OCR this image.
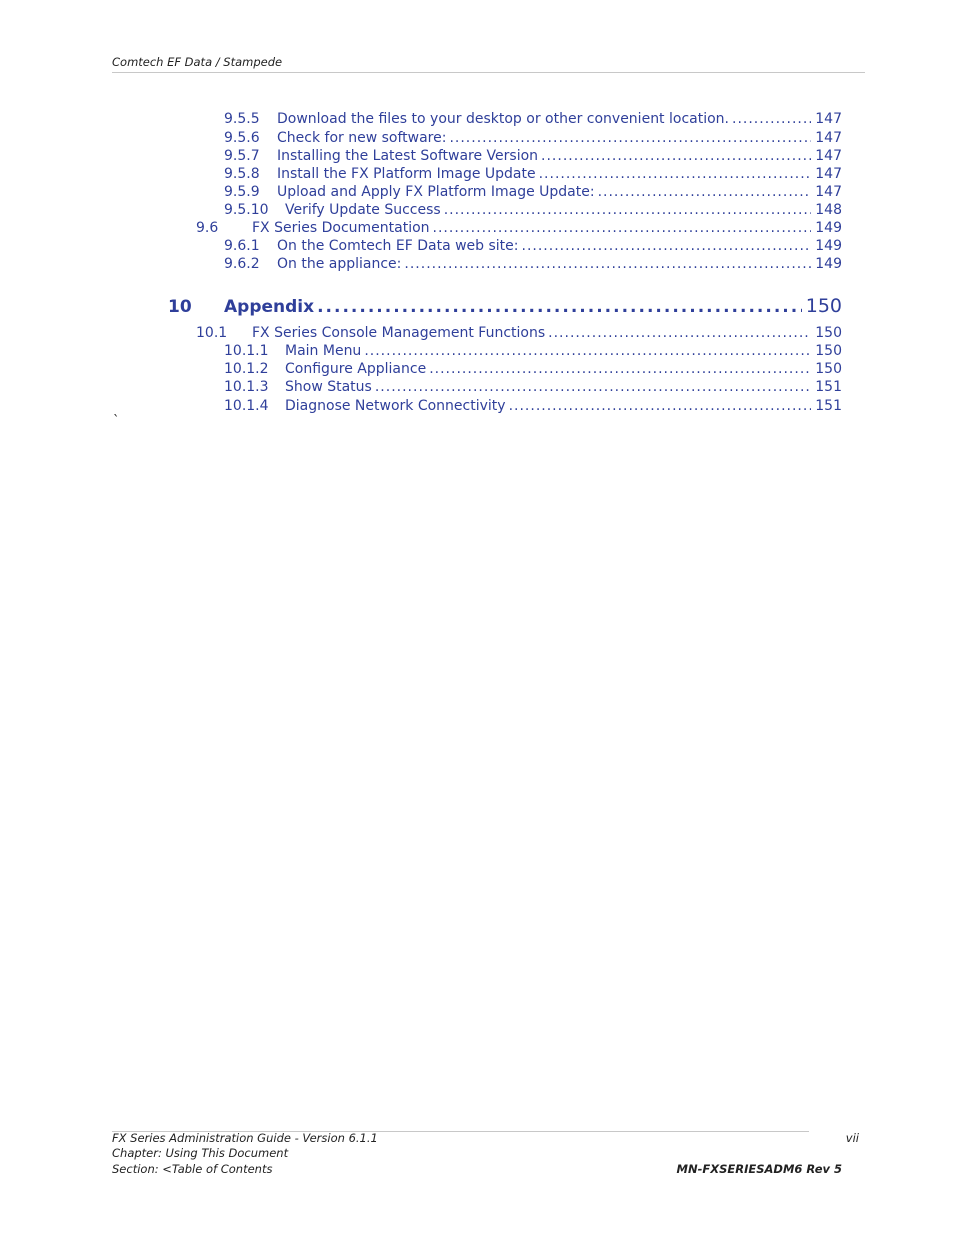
Comtech EF Data / Stampede
9.5.5	Download the files to your desktop or other convenient location. .....	147
9.5.6	Check for new software: .....	147
9.5.7	Installing the Latest Software Version .....	147
9.5.8	Install the FX Platform Image Update .....	147
9.5.9	Upload and Apply FX Platform Image Update: .....	147
9.5.10	Verify Update Success .....	148
9.6	FX Series Documentation .....	149
9.6.1	On the Comtech EF Data web site: .....	149
9.6.2	On the appliance: .....	149
10	Appendix .....	150
10.1	FX Series Console Management Functions .....	150
10.1.1	Main Menu .....	150
10.1.2	Configure Appliance .....	150
10.1.3	Show Status .....	151
10.1.4	Diagnose Network Connectivity .....	151
`
FX Series Administration Guide - Version 6.1.1
Chapter: Using This Document
Section: <Table of Contents
vii
MN-FXSERIESADM6 Rev 5
